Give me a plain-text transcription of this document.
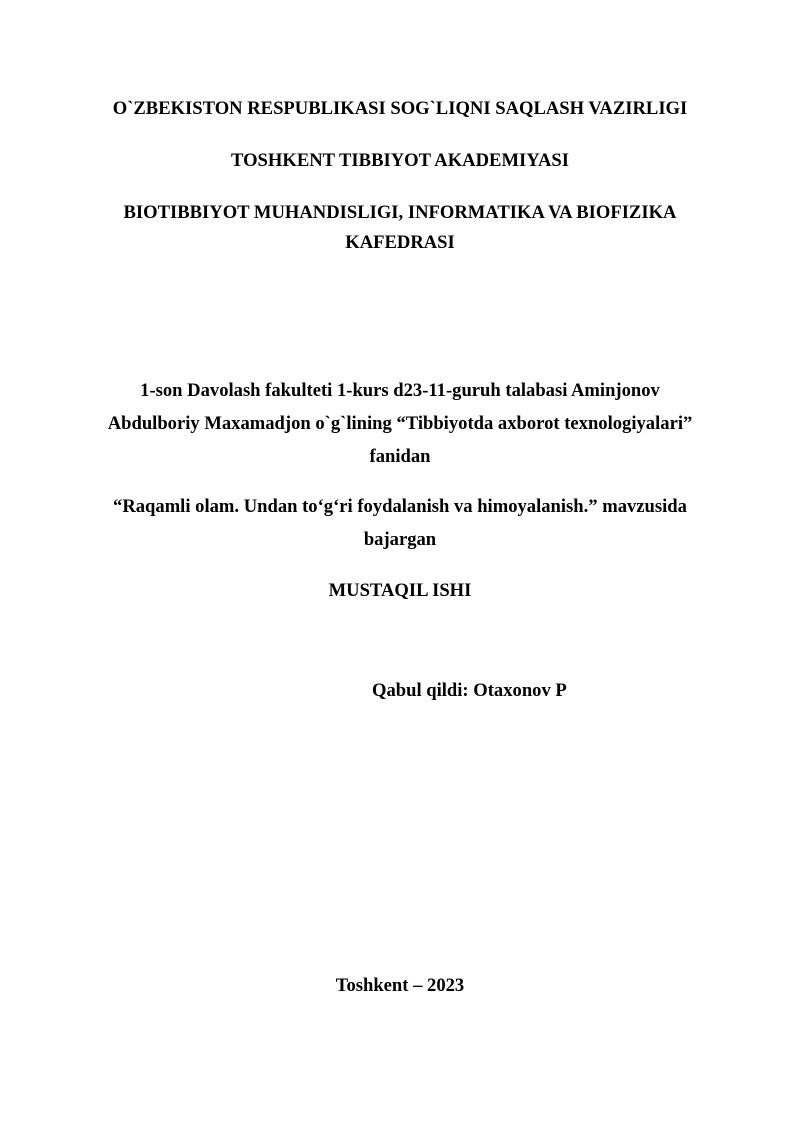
O`ZBEKISTON RESPUBLIKASI SOG`LIQNI SAQLASH VAZIRLIGI
TOSHKENT TIBBIYOT AKADEMIYASI
BIOTIBBIYOT MUHANDISLIGI, INFORMATIKA VA BIOFIZIKA
KAFEDRASI
1-son Davolash fakulteti 1-kurs d23-11-guruh talabasi Aminjonov
Abdulboriy Maxamadjon o`g`lining “Tibbiyotda axborot texnologiyalari”
fanidan
“Raqamli olam. Undan to‘g‘ri foydalanish va himoyalanish.” mavzusida
bajargan
MUSTAQIL ISHI
Qabul qildi: Otaxonov P
Toshkent – 2023
